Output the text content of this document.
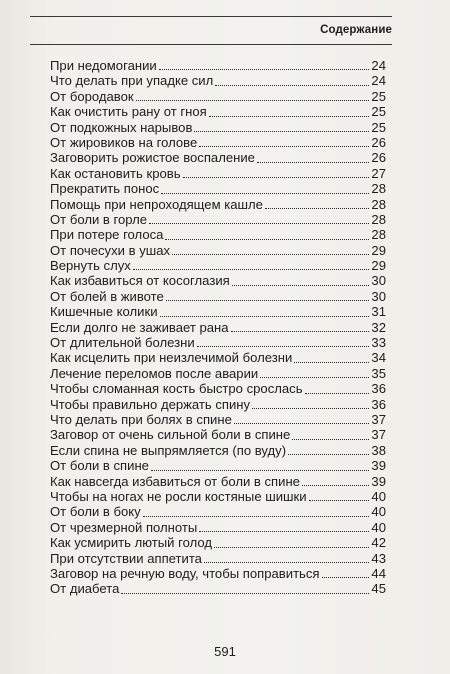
Содержание
При недомогании	24
Что делать при упадке сил	24
От бородавок	25
Как очистить рану от гноя	25
От подкожных нарывов	25
От жировиков на голове	26
Заговорить рожистое воспаление	26
Как остановить кровь	27
Прекратить понос	28
Помощь при непроходящем кашле	28
От боли в горле	28
При потере голоса	28
От почесухи в ушах	29
Вернуть слух	29
Как избавиться от косоглазия	30
От болей в животе	30
Кишечные колики	31
Если долго не заживает рана	32
От длительной болезни	33
Как исцелить при неизлечимой болезни	34
Лечение переломов после аварии	35
Чтобы сломанная кость быстро срослась	36
Чтобы правильно держать спину	36
Что делать при болях в спине	37
Заговор от очень сильной боли в спине	37
Если спина не выпрямляется (по вуду)	38
От боли в спине	39
Как навсегда избавиться от боли в спине	39
Чтобы на ногах не росли костяные шишки	40
От боли в боку	40
От чрезмерной полноты	40
Как усмирить лютый голод	42
При отсутствии аппетита	43
Заговор на речную воду, чтобы поправиться	44
От диабета	45
591
